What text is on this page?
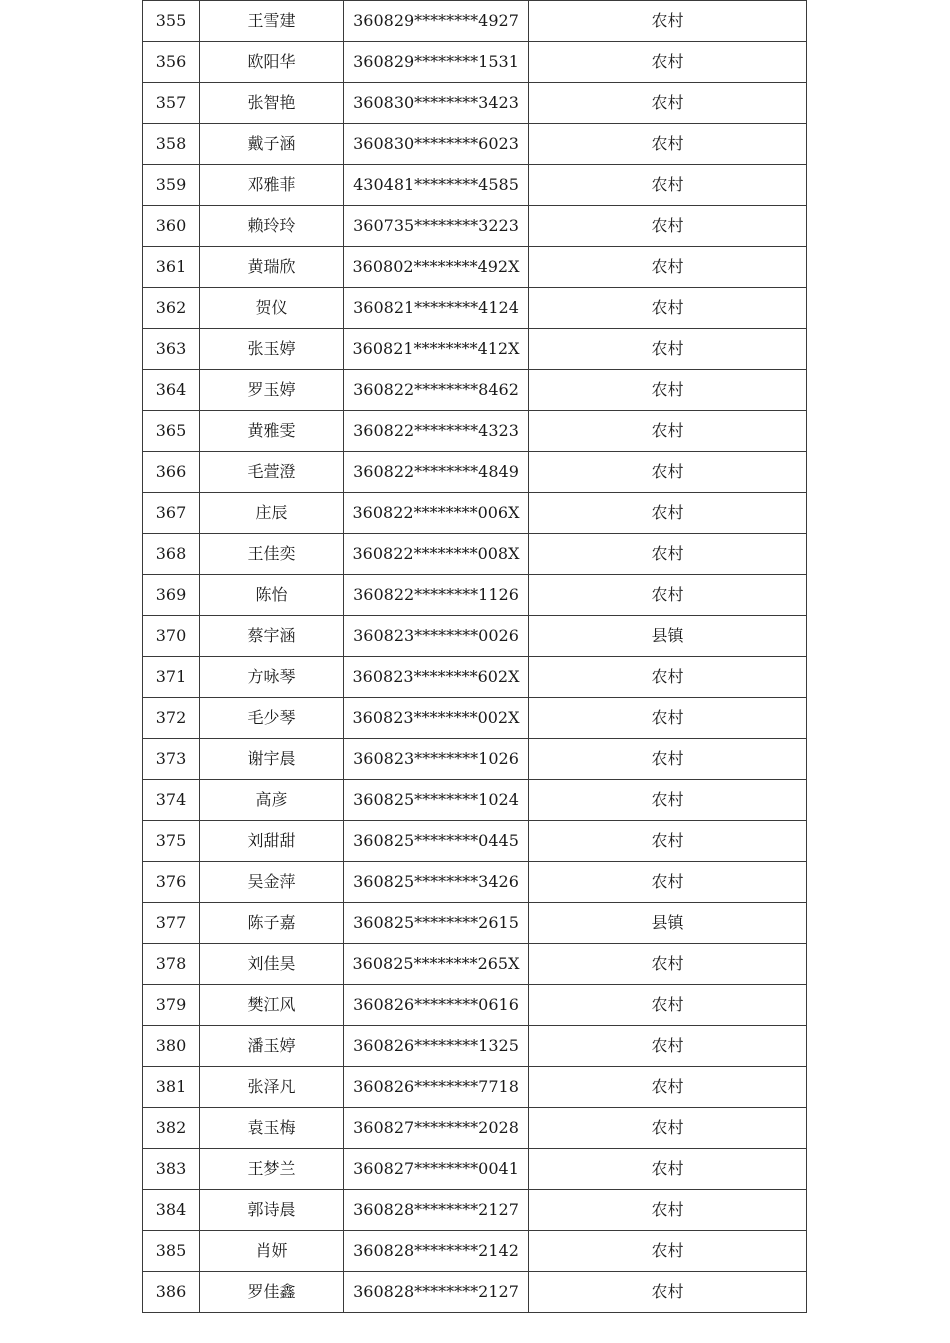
355	王雪建	360829********4927	农村
356	欧阳华	360829********1531	农村
357	张智艳	360830********3423	农村
358	戴子涵	360830********6023	农村
359	邓雅菲	430481********4585	农村
360	赖玲玲	360735********3223	农村
361	黄瑞欣	360802********492X	农村
362	贺仪	360821********4124	农村
363	张玉婷	360821********412X	农村
364	罗玉婷	360822********8462	农村
365	黄雅雯	360822********4323	农村
366	毛萱澄	360822********4849	农村
367	庄辰	360822********006X	农村
368	王佳奕	360822********008X	农村
369	陈怡	360822********1126	农村
370	蔡宇涵	360823********0026	县镇
371	方咏琴	360823********602X	农村
372	毛少琴	360823********002X	农村
373	谢宇晨	360823********1026	农村
374	高彦	360825********1024	农村
375	刘甜甜	360825********0445	农村
376	吴金萍	360825********3426	农村
377	陈子嘉	360825********2615	县镇
378	刘佳昊	360825********265X	农村
379	樊江风	360826********0616	农村
380	潘玉婷	360826********1325	农村
381	张泽凡	360826********7718	农村
382	袁玉梅	360827********2028	农村
383	王梦兰	360827********0041	农村
384	郭诗晨	360828********2127	农村
385	肖妍	360828********2142	农村
386	罗佳鑫	360828********2127	农村
